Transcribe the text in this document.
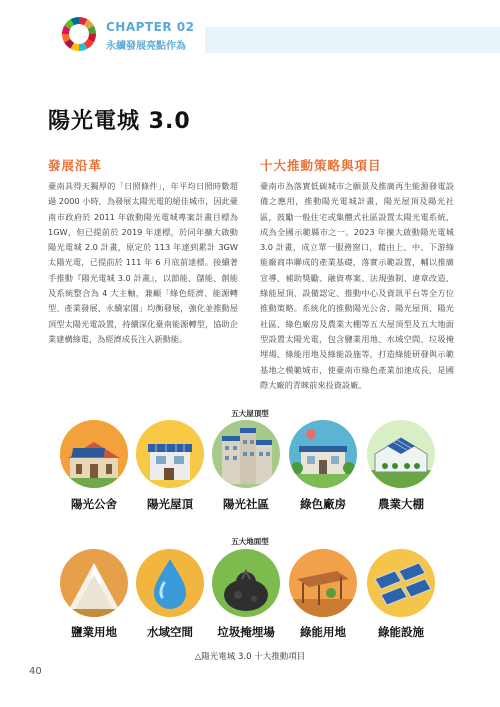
CHAPTER 02
永續發展亮點作為
陽光電城 3.0
發展沿革

臺南具得天獨厚的「日照條件」，年平均日照時數超過 2000 小時，為發展太陽光電的絕佳城市，因此臺南市政府於 2011 年啟動陽光電城專案計畫目標為 1GW，但已提前於 2019 年達標，於同年擴大啟動陽光電城 2.0 計畫，原定於 113 年達到累計 3GW 太陽光電，已提前於 111 年 6 月底前達標。接續著手推動『陽光電城 3.0 計畫』，以節能、儲能、創能及系統整合為 4 大主軸，兼顧「綠色經濟、能源轉型、產業發展、永續家園」均衡發展，強化並推動屋頂型太陽光電設置，持續深化臺南能源轉型，協助企業建構綠電，為經濟成長注入新動能。

十大推動策略與項目

臺南市為落實低碳城市之願景及推廣再生能源發電設備之應用，推動陽光電城計畫，陽光屋頂及陽光社區，鼓勵一般住宅或集體式社區設置太陽光電系統，成為全國示範縣市之一。2023 年擴大啟動陽光電城 3.0 計畫，成立單一服務窗口，藉由上、中、下游綠能廠商串聯成的產業基礎，落實示範設置，輔以推廣宣導、補助獎勵、融資專案、法規強制、違章改造、綠能屋頂、設備認定、推動中心及資訊平台等全方位推動策略。系統化的推動陽光公舍、陽光屋頂、陽光社區、綠色廠房及農業大棚等五大屋頂型及五大地面型設置太陽光電，包含鹽業用地、水域空間、垃圾掩埋場、綠能用地及綠能設施等，打造綠能研發與示範基地之模範城市，使臺南市綠色產業加速成長，是國際大廠的青睞前來投資設廠。

五大屋頂型
陽光公舍	陽光屋頂	陽光社區	綠色廠房	農業大棚
五大地面型
鹽業用地	水域空間	垃圾掩埋場	綠能用地	綠能設施
△陽光電城 3.0 十大推動項目
40
